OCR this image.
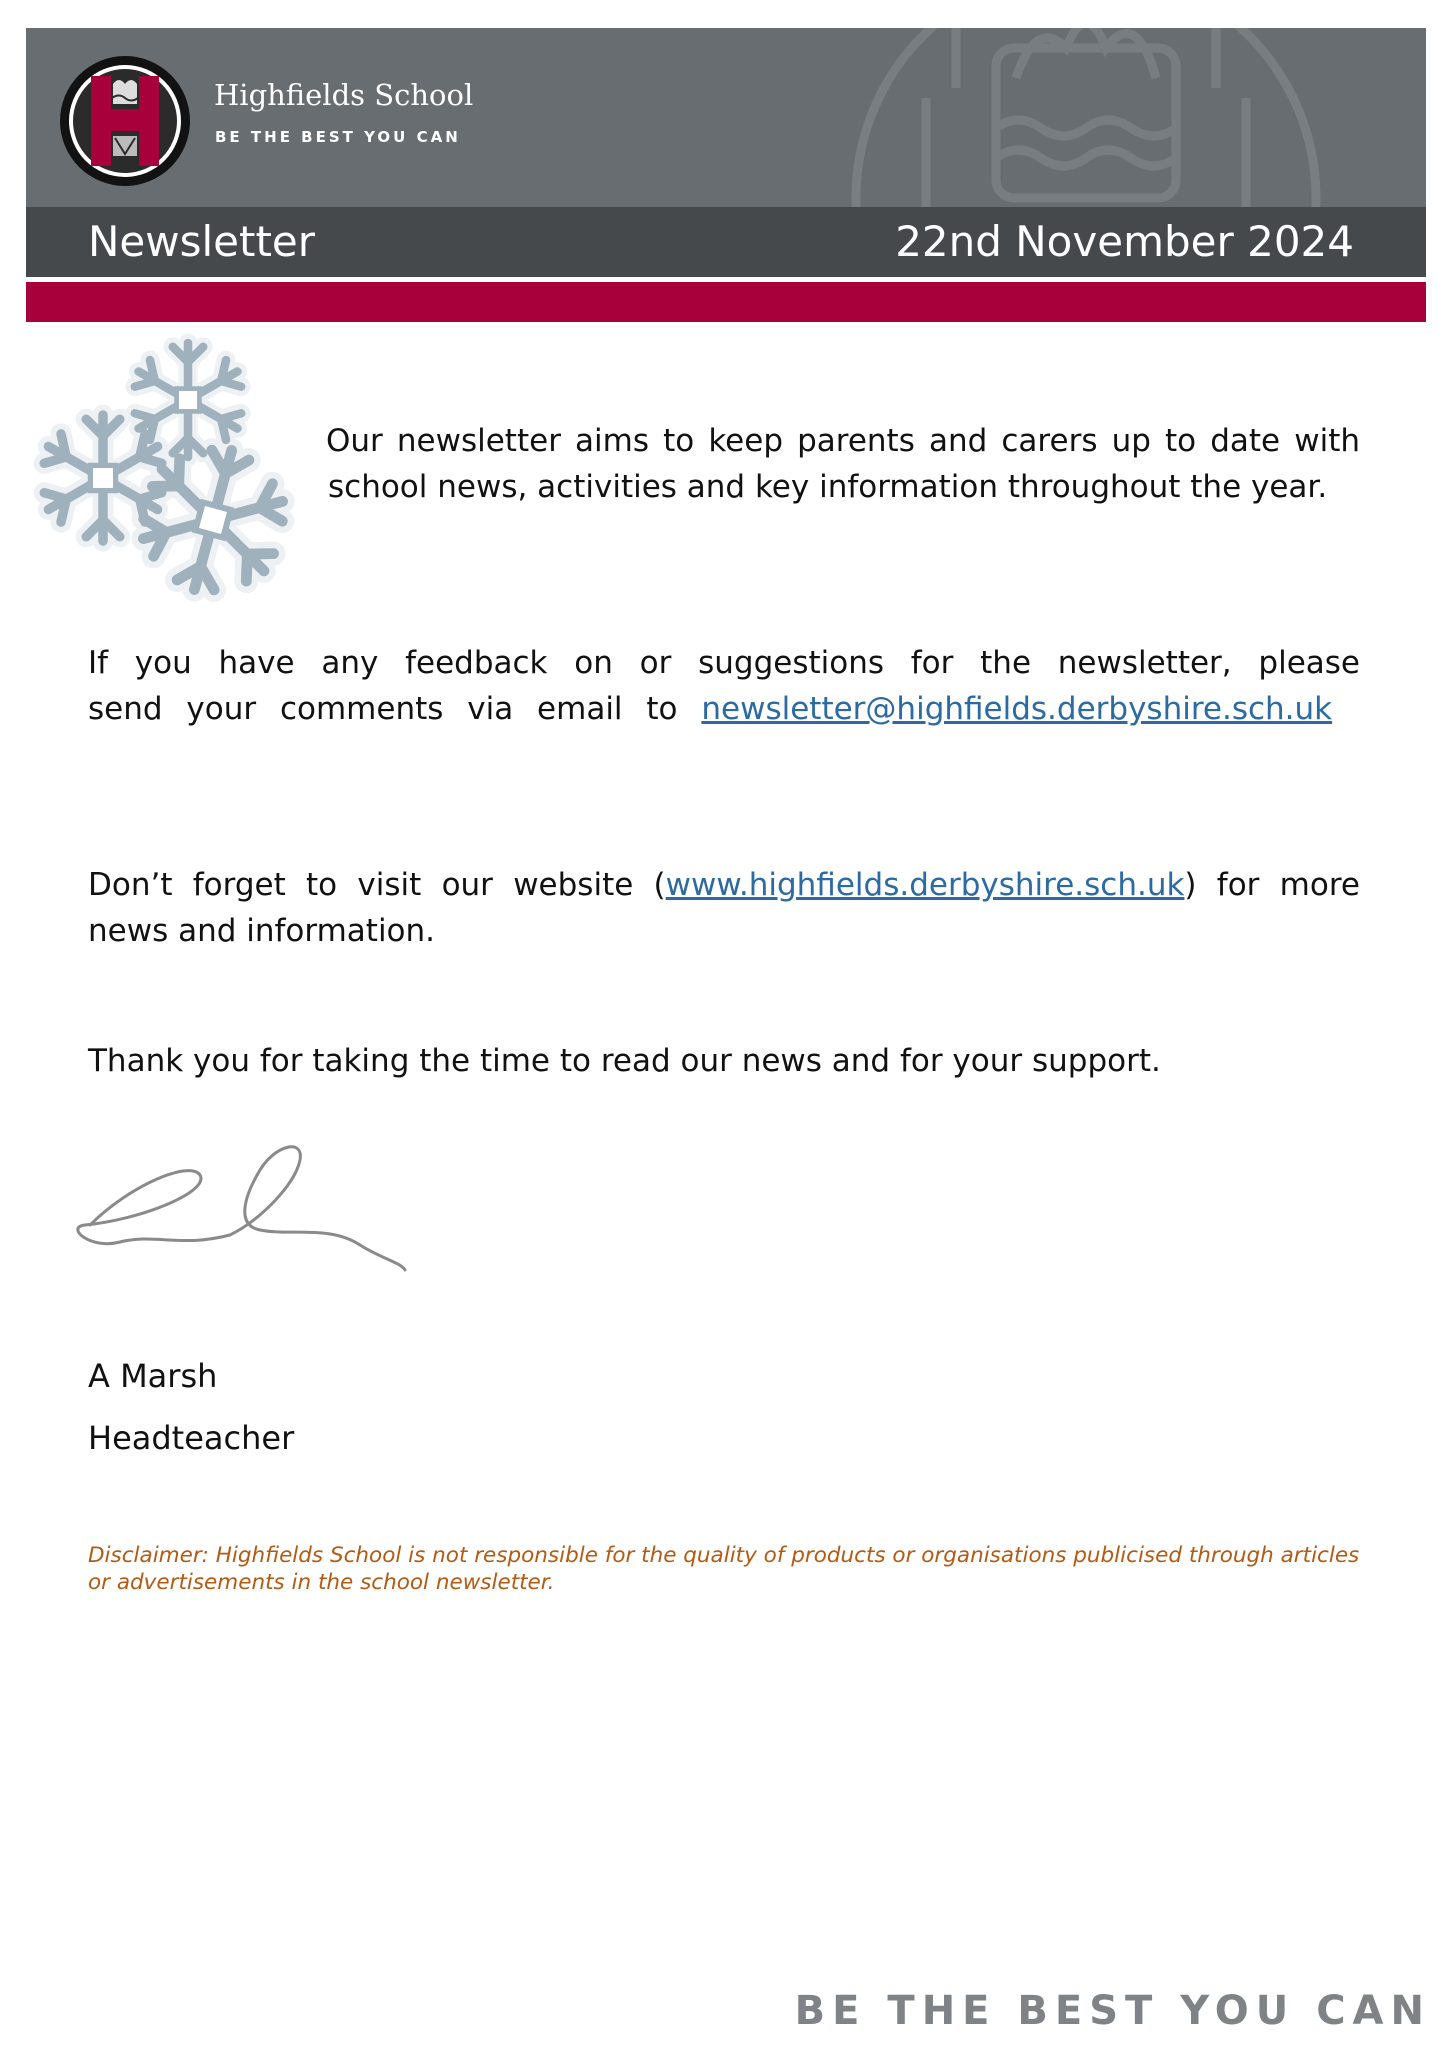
Highfields School
BE THE BEST YOU CAN
Newsletter	22nd November 2024
Our newsletter aims to keep parents and carers up to date with school news, activities and key information throughout the year.
If you have any feedback on or suggestions for the newsletter, please send your comments via email to newsletter@highfields.derbyshire.sch.uk
Don’t forget to visit our website (www.highfields.derbyshire.sch.uk) for more news and information.
Thank you for taking the time to read our news and for your support.
A Marsh
Headteacher
Disclaimer: Highfields School is not responsible for the quality of products or organisations publicised through articles or advertisements in the school newsletter.
BE THE BEST YOU CAN
